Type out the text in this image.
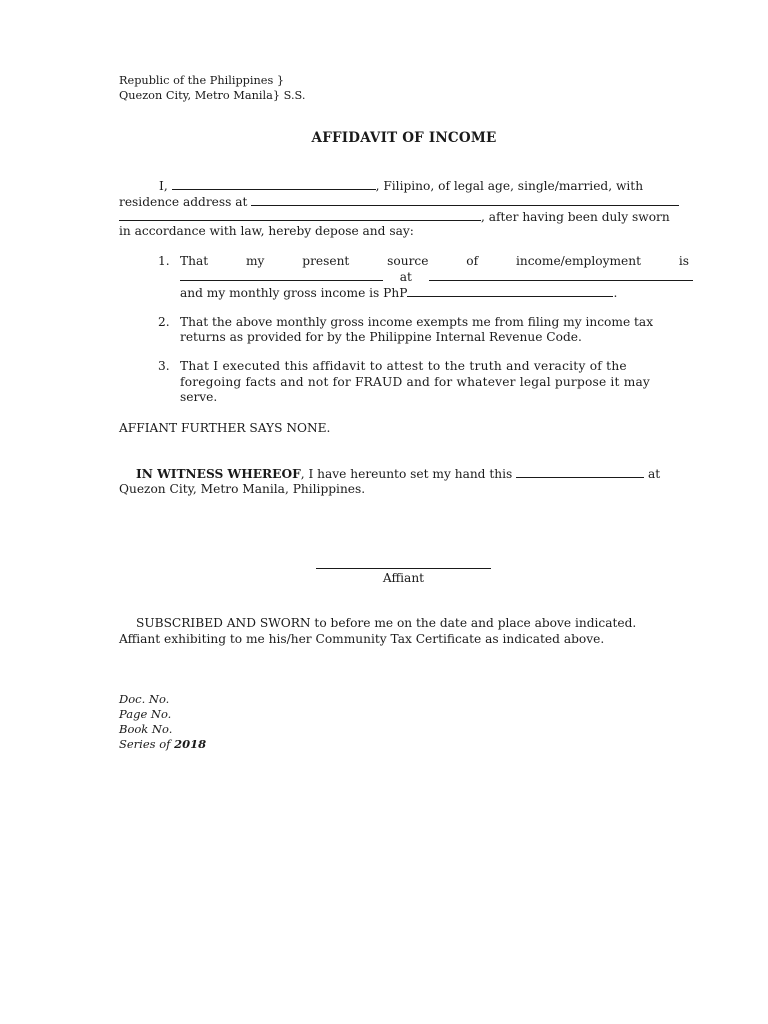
Republic of the Philippines }
Quezon City, Metro Manila} S.S.
AFFIDAVIT OF INCOME
I,	, Filipino, of legal age, single/married, with
residence address at
, after having been duly sworn
in accordance with law, hereby depose and say:
1. That	my	present	source	of	income/employment	is
at
and my monthly gross income is PhP	.
2. That the above monthly gross income exempts me from filing my income tax
returns as provided for by the Philippine Internal Revenue Code.
3. That I executed this affidavit to attest to the truth and veracity of the
foregoing facts and not for FRAUD and for whatever legal purpose it may
serve.
AFFIANT FURTHER SAYS NONE.
IN WITNESS WHEREOF, I have hereunto set my hand this	at
Quezon City, Metro Manila, Philippines.
Affiant
SUBSCRIBED AND SWORN to before me on the date and place above indicated.
Affiant exhibiting to me his/her Community Tax Certificate as indicated above.
Doc. No.
Page No.
Book No.
Series of 2018
